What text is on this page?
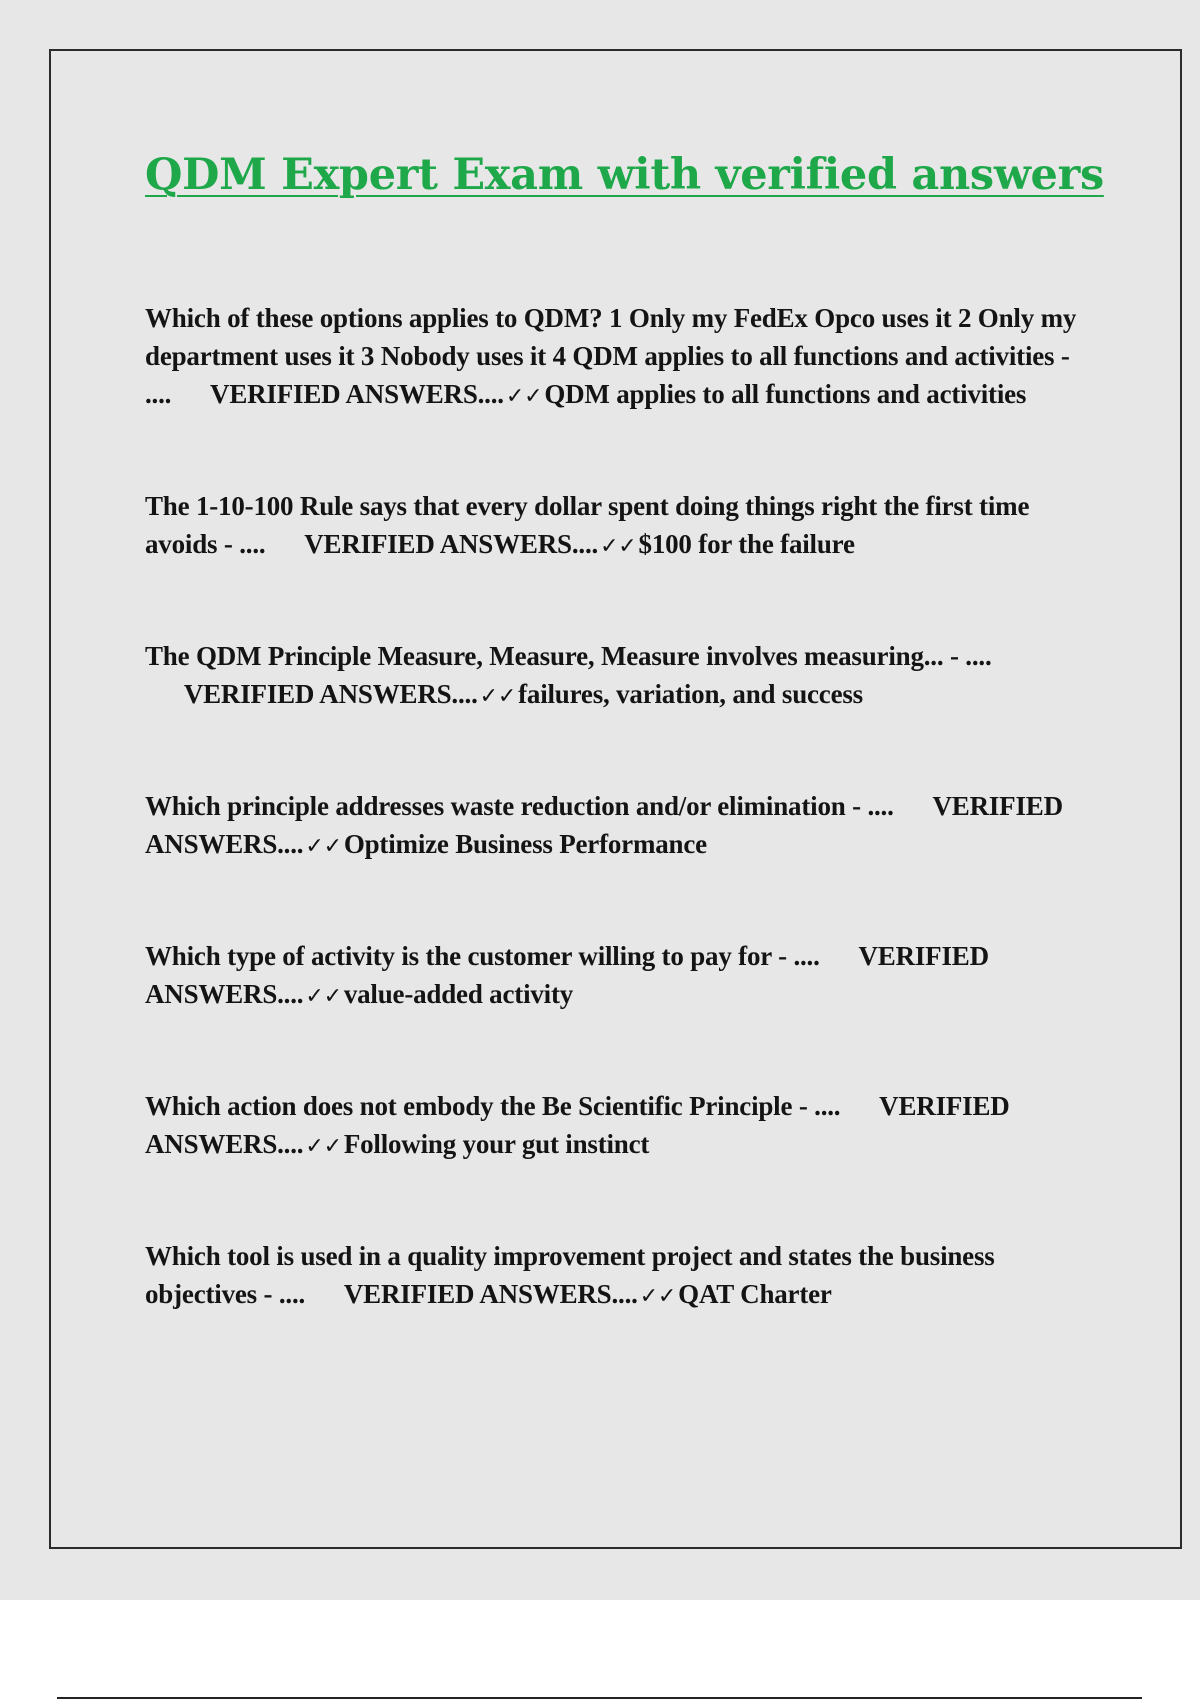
QDM Expert Exam with verified answers
Which of these options applies to QDM? 1 Only my FedEx Opco uses it 2 Only my department uses it 3 Nobody uses it 4 QDM applies to all functions and activities - .... VERIFIED ANSWERS....✓✓QDM applies to all functions and activities
The 1-10-100 Rule says that every dollar spent doing things right the first time avoids - .... VERIFIED ANSWERS....✓✓$100 for the failure
The QDM Principle Measure, Measure, Measure involves measuring... - ....      VERIFIED ANSWERS....✓✓failures, variation, and success
Which principle addresses waste reduction and/or elimination - .... VERIFIED ANSWERS....✓✓Optimize Business Performance
Which type of activity is the customer willing to pay for - .... VERIFIED ANSWERS....✓✓value-added activity
Which action does not embody the Be Scientific Principle - .... VERIFIED ANSWERS....✓✓Following your gut instinct
Which tool is used in a quality improvement project and states the business objectives - .... VERIFIED ANSWERS....✓✓QAT Charter
